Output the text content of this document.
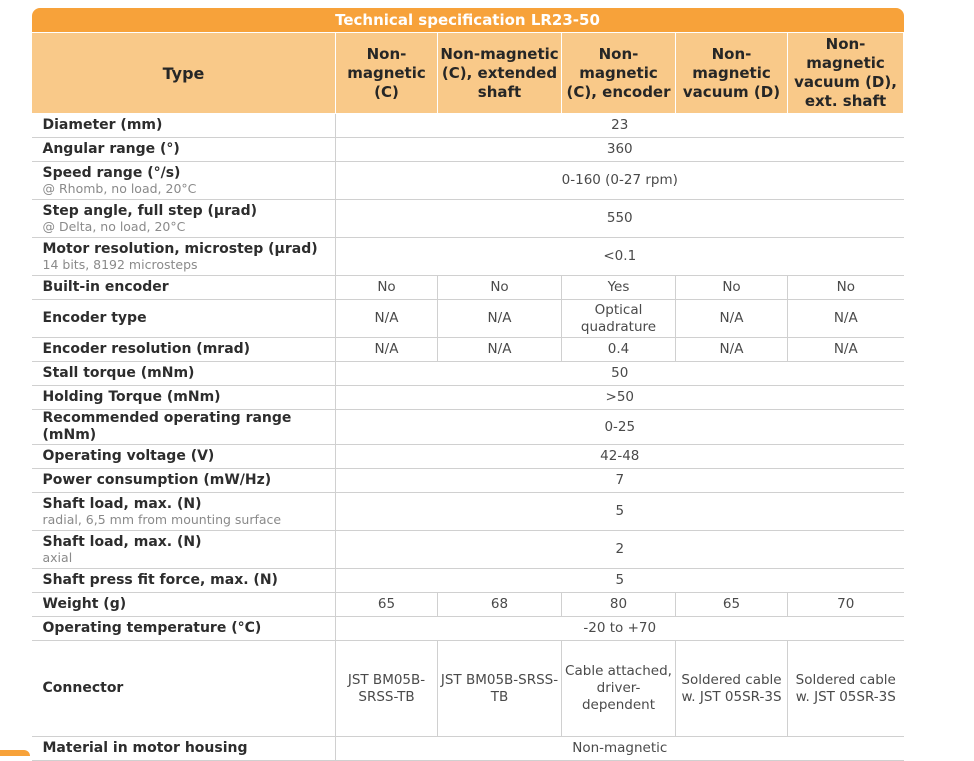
Technical specification LR23-50					
Type	Non-magnetic (C)	Non-magnetic (C), extended shaft	Non-magnetic (C), encoder	Non-magnetic vacuum (D)	Non-magnetic vacuum (D), ext. shaft

Diameter (mm)	23				

Angular range (°)	360				

Speed range (°/s)
@ Rhomb, no load, 20°C	0-160 (0-27 rpm)				

Step angle, full step (µrad)
@ Delta, no load, 20°C	550				

Motor resolution, microstep (µrad)
14 bits, 8192 microsteps	<0.1				

Built-in encoder	No	No	Yes	No	No

Encoder type	N/A	N/A	Optical quadrature	N/A	N/A

Encoder resolution (mrad)	N/A	N/A	0.4	N/A	N/A

Stall torque (mNm)	50				

Holding Torque (mNm)	>50				

Recommended operating range (mNm)	0-25				

Operating voltage (V)	42-48				

Power consumption (mW/Hz)	7				

Shaft load, max. (N)
radial, 6,5 mm from mounting surface	5				

Shaft load, max. (N)
axial	2				

Shaft press fit force, max. (N)	5				

Weight (g)	65	68	80	65	70

Operating temperature (°C)	-20 to +70				

Connector	JST BM05B-SRSS-TB	JST BM05B-SRSS-TB	Cable attached, driver-dependent	Soldered cable w. JST 05SR-3S	Soldered cable w. JST 05SR-3S

Material in motor housing	Non-magnetic				
